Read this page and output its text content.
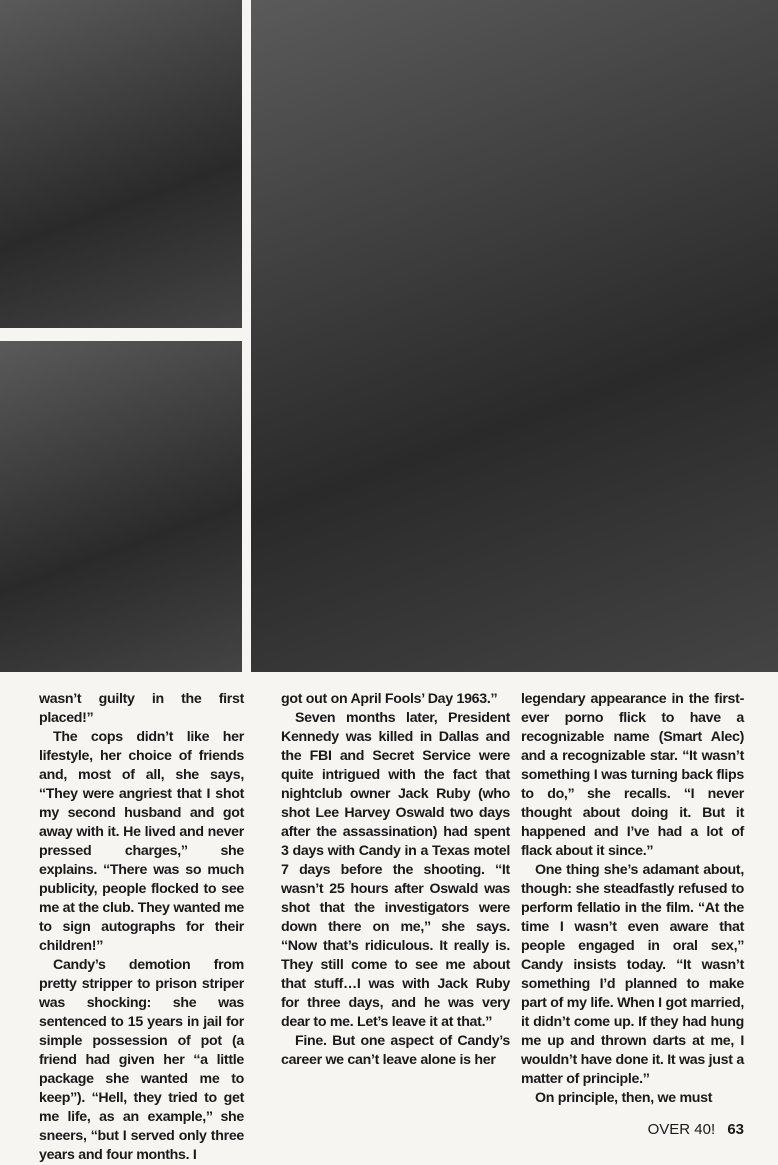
wasn’t guilty in the first placed!’’

The cops didn’t like her lifestyle, her choice of friends and, most of all, she says, ‘‘They were angriest that I shot my second husband and got away with it. He lived and never pressed charges,’’ she explains. ‘‘There was so much publicity, people flocked to see me at the club. They wanted me to sign autographs for their children!’’

Candy’s demotion from pretty stripper to prison striper was shocking: she was sentenced to 15 years in jail for simple possession of pot (a friend had given her ‘‘a little package she wanted me to keep’’). ‘‘Hell, they tried to get me life, as an example,’’ she sneers, ‘‘but I served only three years and four months. I

got out on April Fools’ Day 1963.’’

Seven months later, President Kennedy was killed in Dallas and the FBI and Secret Service were quite intrigued with the fact that nightclub owner Jack Ruby (who shot Lee Harvey Oswald two days after the assassination) had spent 3 days with Candy in a Texas motel 7 days before the shooting. ‘‘It wasn’t 25 hours after Oswald was shot that the investigators were down there on me,’’ she says. ‘‘Now that’s ridiculous. It really is. They still come to see me about that stuff…I was with Jack Ruby for three days, and he was very dear to me. Let’s leave it at that.’’

Fine. But one aspect of Candy’s career we can’t leave alone is her

legendary appearance in the first-ever porno flick to have a recognizable name (Smart Alec) and a recognizable star. ‘‘It wasn’t something I was turning back flips to do,’’ she recalls. ‘‘I never thought about doing it. But it happened and I’ve had a lot of flack about it since.’’

One thing she’s adamant about, though: she steadfastly refused to perform fellatio in the film. ‘‘At the time I wasn’t even aware that people engaged in oral sex,’’ Candy insists today. ‘‘It wasn’t something I’d planned to make part of my life. When I got married, it didn’t come up. If they had hung me up and thrown darts at me, I wouldn’t have done it. It was just a matter of principle.’’

On principle, then, we must

OVER 40! 63
